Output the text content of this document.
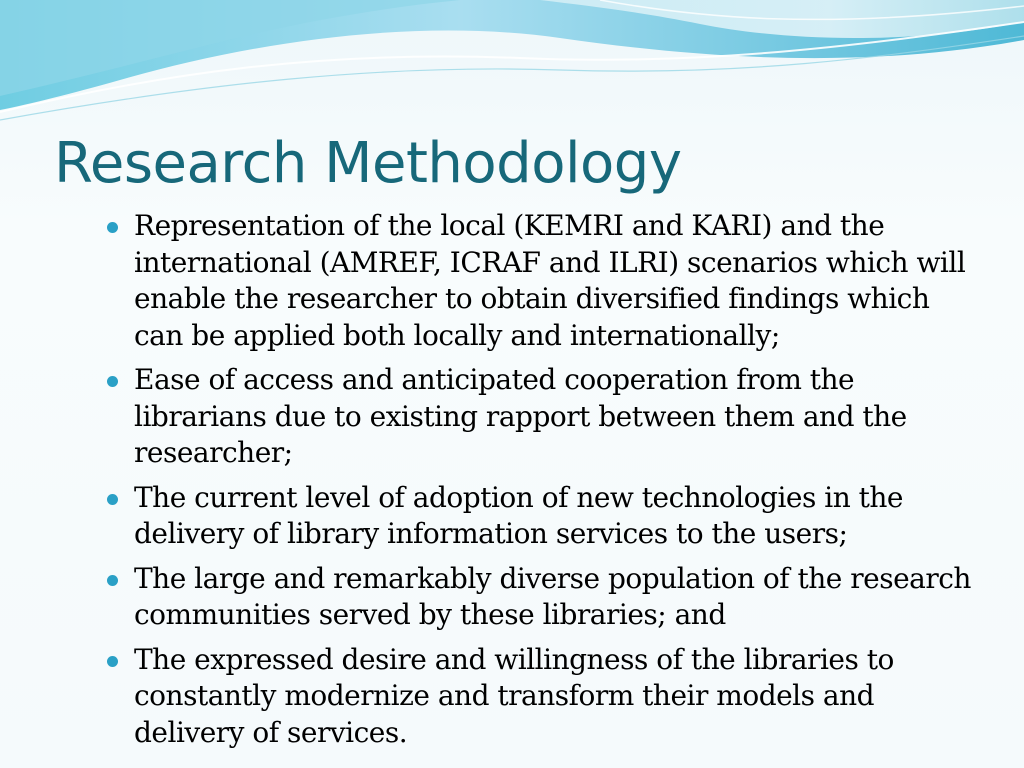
Research Methodology
Representation of the local (KEMRI and KARI) and the international (AMREF, ICRAF and ILRI) scenarios which will enable the researcher to obtain diversified findings which can be applied both locally and internationally;
Ease of access and anticipated cooperation from the librarians due to existing rapport between them and the researcher;
The current level of adoption of new technologies in the delivery of library information services to the users;
The large and remarkably diverse population of the research communities served by these libraries; and
The expressed desire and willingness of the libraries to constantly modernize and transform their models and delivery of services.
